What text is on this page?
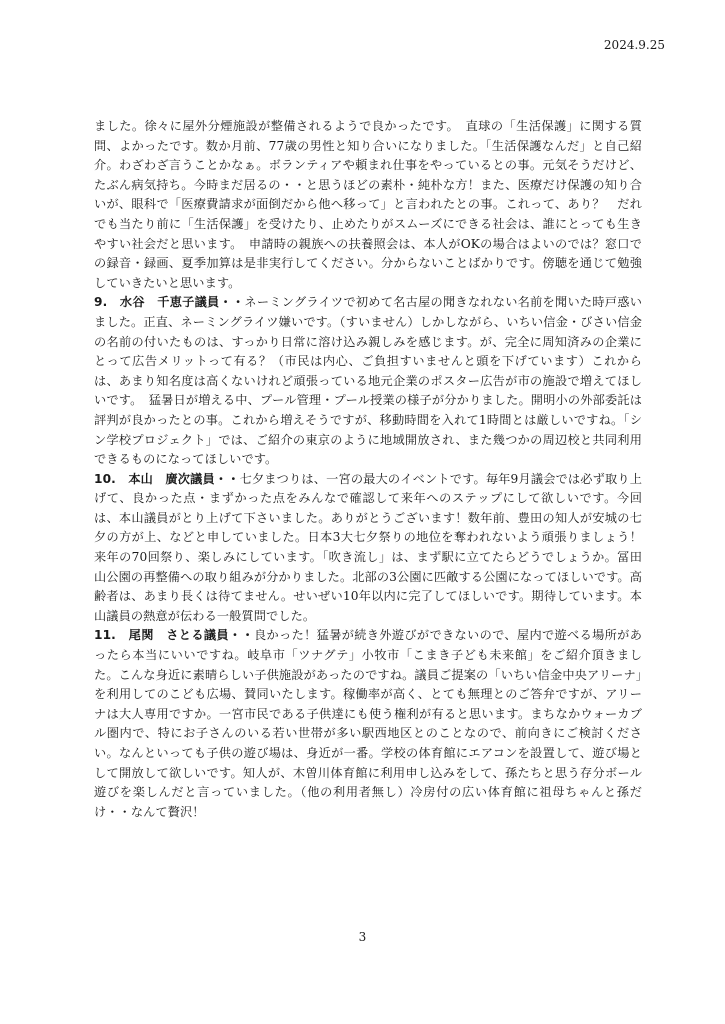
2024.9.25

ました。徐々に屋外分煙施設が整備されるようで良かったです。　直球の「生活保護」に関する質問、よかったです。数か月前、77歳の男性と知り合いになりました。「生活保護なんだ」と自己紹介。わざわざ言うことかなぁ。ボランティアや頼まれ仕事をやっているとの事。元気そうだけど、たぶん病気持ち。今時まだ居るの・・と思うほどの素朴・純朴な方！また、医療だけ保護の知り合いが、眼科で「医療費請求が面倒だから他へ移って」と言われたとの事。これって、あり？　だれでも当たり前に「生活保護」を受けたり、止めたりがスムーズにできる社会は、誰にとっても生きやすい社会だと思います。　申請時の親族への扶養照会は、本人がOKの場合はよいのでは？窓口での録音・録画、夏季加算は是非実行してください。分からないことばかりです。傍聴を通じて勉強していきたいと思います。

9.　水谷　千恵子議員・・ネーミングライツで初めて名古屋の聞きなれない名前を聞いた時戸惑いました。正直、ネーミングライツ嫌いです。（すいません）しかしながら、いちい信金・びさい信金の名前の付いたものは、すっかり日常に溶け込み親しみを感じます。が、完全に周知済みの企業にとって広告メリットって有る？（市民は内心、ご負担すいませんと頭を下げています）これからは、あまり知名度は高くないけれど頑張っている地元企業のポスター広告が市の施設で増えてほしいです。　猛暑日が増える中、プール管理・プール授業の様子が分かりました。開明小の外部委託は評判が良かったとの事。これから増えそうですが、移動時間を入れて1時間とは厳しいですね。「シン学校プロジェクト」では、ご紹介の東京のように地域開放され、また幾つかの周辺校と共同利用できるものになってほしいです。

10.　本山　廣次議員・・七夕まつりは、一宮の最大のイベントです。毎年9月議会では必ず取り上げて、良かった点・まずかった点をみんなで確認して来年へのステップにして欲しいです。今回は、本山議員がとり上げて下さいました。ありがとうございます！数年前、豊田の知人が安城の七夕の方が上、などと申していました。日本3大七夕祭りの地位を奪われないよう頑張りましょう！来年の70回祭り、楽しみにしています。「吹き流し」は、まず駅に立てたらどうでしょうか。冨田山公園の再整備への取り組みが分かりました。北部の3公園に匹敵する公園になってほしいです。高齢者は、あまり長くは待てません。せいぜい10年以内に完了してほしいです。期待しています。本山議員の熱意が伝わる一般質問でした。

11.　尾関　さとる議員・・良かった！猛暑が続き外遊びができないので、屋内で遊べる場所があったら本当にいいですね。岐阜市「ツナグテ」小牧市「こまき子ども未来館」をご紹介頂きました。こんな身近に素晴らしい子供施設があったのですね。議員ご提案の「いちい信金中央アリーナ」を利用してのこども広場、賛同いたします。稼働率が高く、とても無理とのご答弁ですが、アリーナは大人専用ですか。一宮市民である子供達にも使う権利が有ると思います。まちなかウォーカブル圏内で、特にお子さんのいる若い世帯が多い駅西地区とのことなので、前向きにご検討ください。なんといっても子供の遊び場は、身近が一番。学校の体育館にエアコンを設置して、遊び場として開放して欲しいです。知人が、木曽川体育館に利用申し込みをして、孫たちと思う存分ボール遊びを楽しんだと言っていました。（他の利用者無し）冷房付の広い体育館に祖母ちゃんと孫だけ・・なんて贅沢！

3
